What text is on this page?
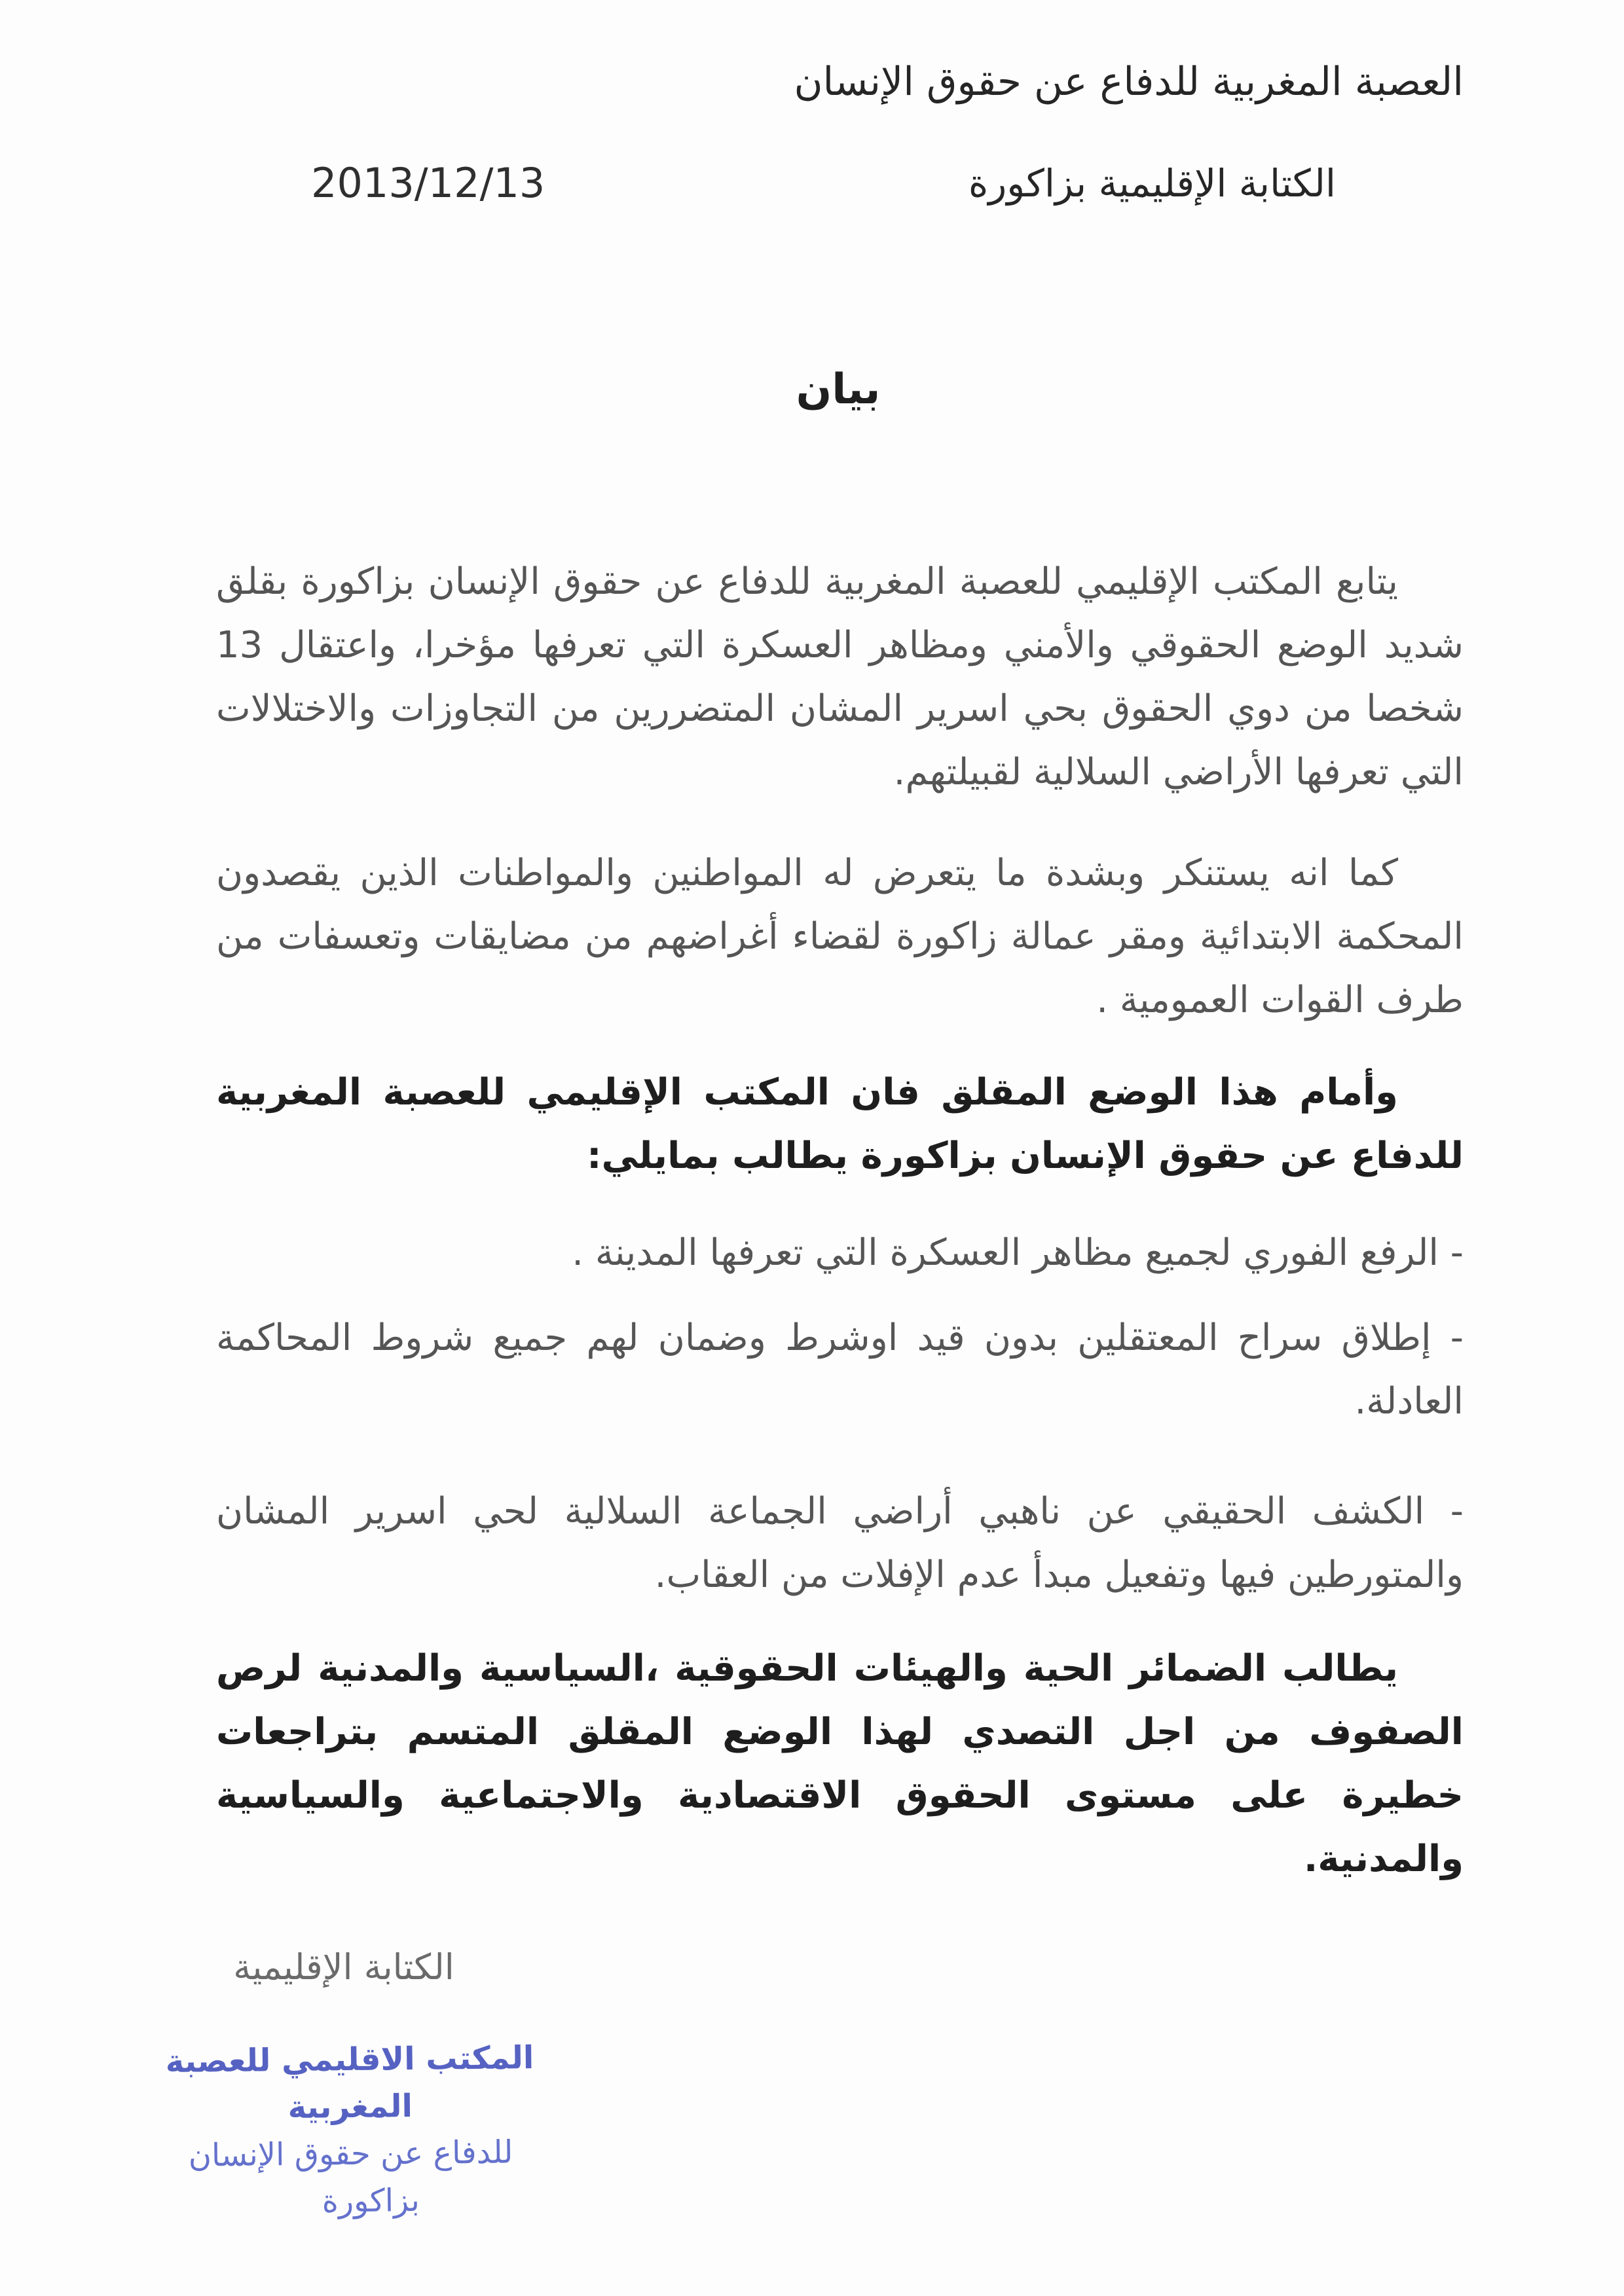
العصبة المغربية للدفاع عن حقوق الإنسان
الكتابة الإقليمية بزاكورة
2013/12/13
بيان
يتابع المكتب الإقليمي للعصبة المغربية للدفاع عن حقوق الإنسان بزاكورة بقلق شديد الوضع الحقوقي والأمني ومظاهر العسكرة التي تعرفها مؤخرا، واعتقال 13 شخصا من دوي الحقوق بحي اسرير المشان المتضررين من التجاوزات والاختلالات التي تعرفها الأراضي السلالية لقبيلتهم.
كما انه يستنكر وبشدة ما يتعرض له المواطنين والمواطنات الذين يقصدون المحكمة الابتدائية ومقر عمالة زاكورة لقضاء أغراضهم من مضايقات وتعسفات من طرف القوات العمومية .
وأمام هذا الوضع المقلق فان المكتب الإقليمي للعصبة المغربية للدفاع عن حقوق الإنسان بزاكورة يطالب بمايلي:
- الرفع الفوري لجميع مظاهر العسكرة التي تعرفها المدينة .
- إطلاق سراح المعتقلين بدون قيد اوشرط وضمان لهم جميع شروط المحاكمة العادلة.
- الكشف الحقيقي عن ناهبي أراضي الجماعة السلالية لحي اسرير المشان والمتورطين فيها وتفعيل مبدأ عدم الإفلات من العقاب.
يطالب الضمائر الحية والهيئات الحقوقية ،السياسية والمدنية لرص الصفوف من اجل التصدي لهذا الوضع المقلق المتسم بتراجعات خطيرة على مستوى الحقوق الاقتصادية والاجتماعية والسياسية والمدنية.
الكتابة الإقليمية
المكتب الاقليمي للعصبة المغربية
للدفاع عن حقوق الإنسان
بزاكورة
